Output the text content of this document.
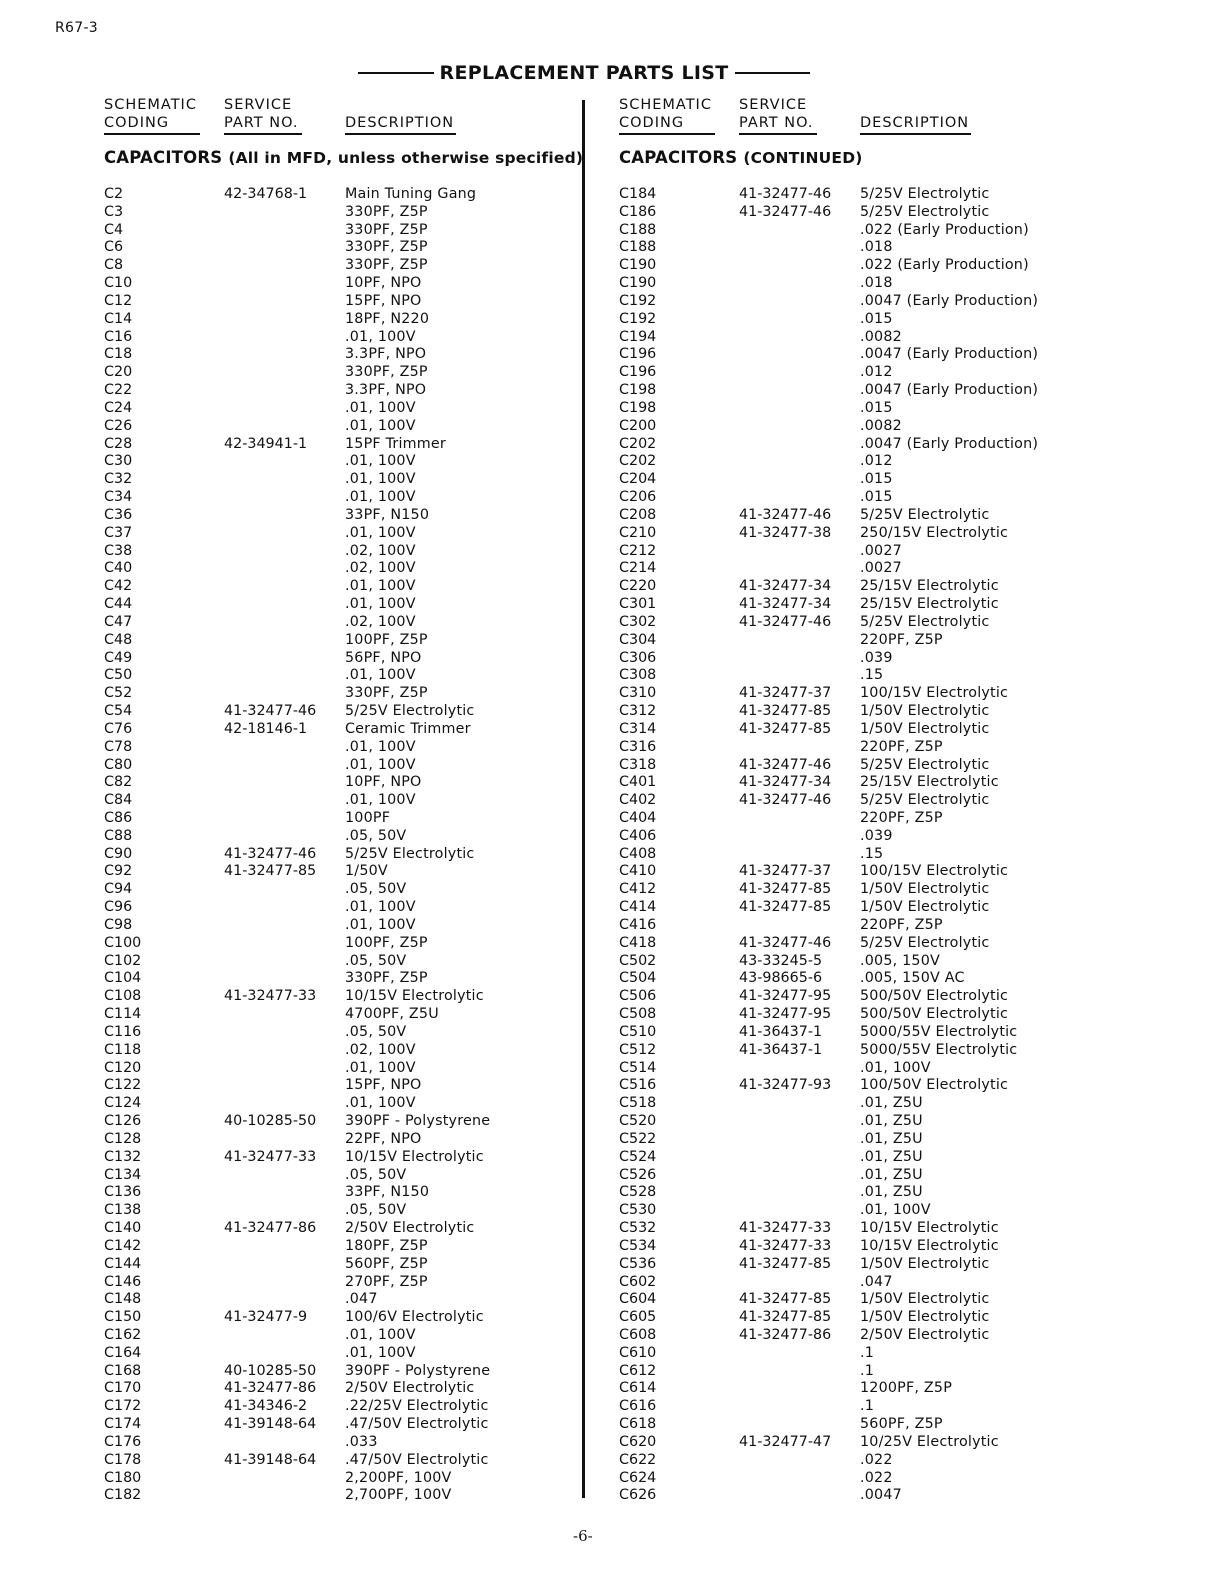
R67-3
REPLACEMENT PARTS LIST
SCHEMATIC
CODING
SERVICE
PART NO.	DESCRIPTION
CAPACITORS (All in MFD, unless otherwise specified)
C2	42-34768-1	Main Tuning Gang
C3	330PF, Z5P
C4	330PF, Z5P
C6	330PF, Z5P
C8	330PF, Z5P
C10	10PF, NPO
C12	15PF, NPO
C14	18PF, N220
C16	.01, 100V
C18	3.3PF, NPO
C20	330PF, Z5P
C22	3.3PF, NPO
C24	.01, 100V
C26	.01, 100V
C28	42-34941-1	15PF Trimmer
C30	.01, 100V
C32	.01, 100V
C34	.01, 100V
C36	33PF, N150
C37	.01, 100V
C38	.02, 100V
C40	.02, 100V
C42	.01, 100V
C44	.01, 100V
C47	.02, 100V
C48	100PF, Z5P
C49	56PF, NPO
C50	.01, 100V
C52	330PF, Z5P
C54	41-32477-46 5/25V Electrolytic
C76	42-18146-1	Ceramic Trimmer
C78	.01, 100V
C80	.01, 100V
C82	10PF, NPO
C84	.01, 100V
C86	100PF
C88	.05, 50V
C90	41-32477-46 5/25V Electrolytic
C92	41-32477-85 1/50V
C94	.05, 50V
C96	.01, 100V
C98	.01, 100V
C100	100PF, Z5P
C102	.05, 50V
C104	330PF, Z5P
C108	41-32477-33 10/15V Electrolytic
C114	4700PF, Z5U
C116	.05, 50V
C118	.02, 100V
C120	.01, 100V
C122	15PF, NPO
C124	.01, 100V
C126	40-10285-50 390PF - Polystyrene
C128	22PF, NPO
C132	41-32477-33 10/15V Electrolytic
C134	.05, 50V
C136	33PF, N150
C138	.05, 50V
C140	41-32477-86 2/50V Electrolytic
C142	180PF, Z5P
C144	560PF, Z5P
C146	270PF, Z5P
C148	.047
C150	41-32477-9	100/6V Electrolytic
C162	.01, 100V
C164	.01, 100V
C168	40-10285-50 390PF - Polystyrene
C170	41-32477-86 2/50V Electrolytic
C172	41-34346-2	.22/25V Electrolytic
C174	41-39148-64 .47/50V Electrolytic
C176	.033
C178	41-39148-64 .47/50V Electrolytic
C180	2,200PF, 100V
C182	2,700PF, 100V
SCHEMATIC
CODING
SERVICE
PART NO.	DESCRIPTION
CAPACITORS (CONTINUED)
C184	41-32477-46 5/25V Electrolytic
C186	41-32477-46 5/25V Electrolytic
C188	.022 (Early Production)
C188	.018
C190	.022 (Early Production)
C190	.018
C192	.0047 (Early Production)
C192	.015
C194	.0082
C196	.0047 (Early Production)
C196	.012
C198	.0047 (Early Production)
C198	.015
C200	.0082
C202	.0047 (Early Production)
C202	.012
C204	.015
C206	.015
C208	41-32477-46 5/25V Electrolytic
C210	41-32477-38 250/15V Electrolytic
C212	.0027
C214	.0027
C220	41-32477-34 25/15V Electrolytic
C301	41-32477-34 25/15V Electrolytic
C302	41-32477-46 5/25V Electrolytic
C304	220PF, Z5P
C306	.039
C308	.15
C310	41-32477-37 100/15V Electrolytic
C312	41-32477-85 1/50V Electrolytic
C314	41-32477-85 1/50V Electrolytic
C316	220PF, Z5P
C318	41-32477-46 5/25V Electrolytic
C401	41-32477-34 25/15V Electrolytic
C402	41-32477-46 5/25V Electrolytic
C404	220PF, Z5P
C406	.039
C408	.15
C410	41-32477-37 100/15V Electrolytic
C412	41-32477-85 1/50V Electrolytic
C414	41-32477-85 1/50V Electrolytic
C416	220PF, Z5P
C418	41-32477-46 5/25V Electrolytic
C502	43-33245-5	.005, 150V
C504	43-98665-6	.005, 150V AC
C506	41-32477-95 500/50V Electrolytic
C508	41-32477-95 500/50V Electrolytic
C510	41-36437-1	5000/55V Electrolytic
C512	41-36437-1	5000/55V Electrolytic
C514	.01, 100V
C516	41-32477-93 100/50V Electrolytic
C518	.01, Z5U
C520	.01, Z5U
C522	.01, Z5U
C524	.01, Z5U
C526	.01, Z5U
C528	.01, Z5U
C530	.01, 100V
C532	41-32477-33 10/15V Electrolytic
C534	41-32477-33 10/15V Electrolytic
C536	41-32477-85 1/50V Electrolytic
C602	.047
C604	41-32477-85 1/50V Electrolytic
C605	41-32477-85 1/50V Electrolytic
C608	41-32477-86 2/50V Electrolytic
C610	.1
C612	.1
C614	1200PF, Z5P
C616	.1
C618	560PF, Z5P
C620	41-32477-47 10/25V Electrolytic
C622	.022
C624	.022
C626	.0047
-6-
